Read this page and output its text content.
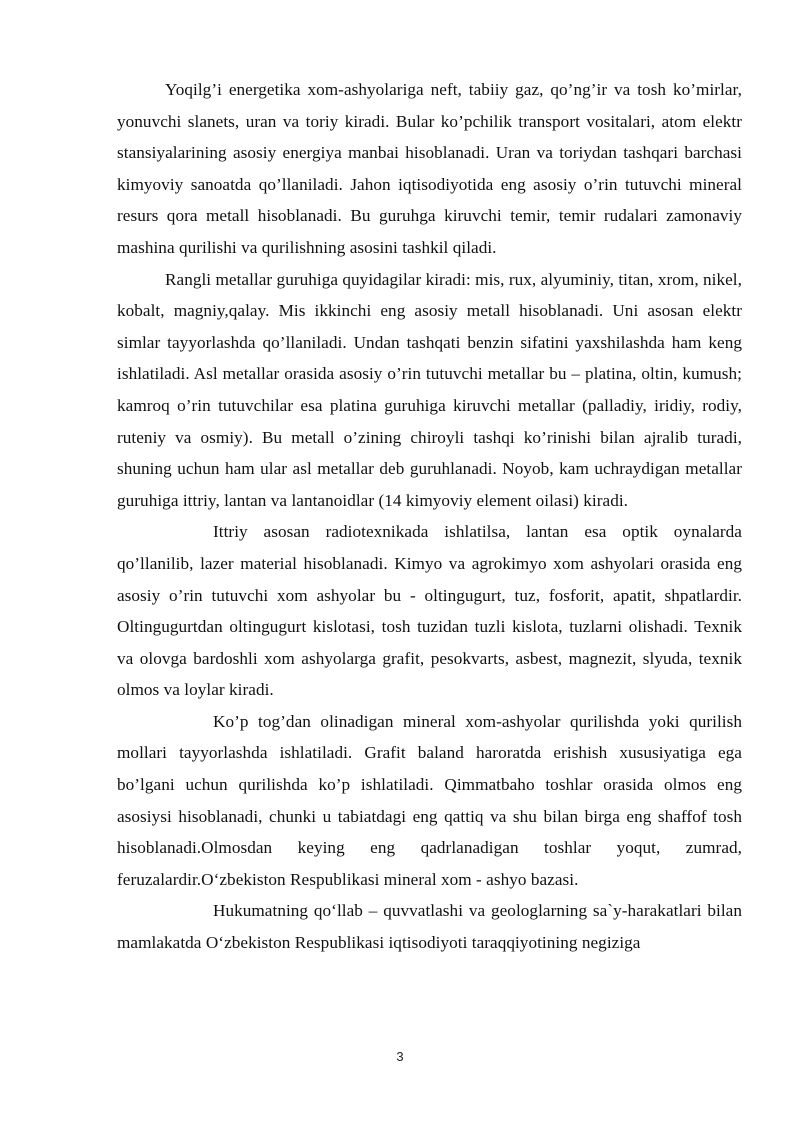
Yoqilg’i energetika xom-ashyolariga neft, tabiiy gaz, qo’ng’ir va tosh ko’mirlar, yonuvchi slanets, uran va toriy kiradi. Bular ko’pchilik transport vositalari, atom elektr stansiyalarining asosiy energiya manbai hisoblanadi. Uran va toriydan tashqari barchasi kimyoviy sanoatda qo’llaniladi. Jahon iqtisodiyotida eng asosiy o’rin tutuvchi mineral resurs qora metall hisoblanadi. Bu guruhga kiruvchi temir, temir rudalari zamonaviy mashina qurilishi va qurilishning asosini tashkil qiladi.

Rangli metallar guruhiga quyidagilar kiradi: mis, rux, alyuminiy, titan, xrom, nikel, kobalt, magniy,qalay. Mis ikkinchi eng asosiy metall hisoblanadi. Uni asosan elektr simlar tayyorlashda qo’llaniladi. Undan tashqati benzin sifatini yaxshilashda ham keng ishlatiladi. Asl metallar orasida asosiy o’rin tutuvchi metallar bu – platina, oltin, kumush; kamroq o’rin tutuvchilar esa platina guruhiga kiruvchi metallar (palladiy, iridiy, rodiy, ruteniy va osmiy). Bu metall o’zining chiroyli tashqi ko’rinishi bilan ajralib turadi, shuning uchun ham ular asl metallar deb guruhlanadi. Noyob, kam uchraydigan metallar guruhiga ittriy, lantan va lantanoidlar (14 kimyoviy element oilasi) kiradi.

Ittriy asosan radiotexnikada ishlatilsa, lantan esa optik oynalarda qo’llanilib, lazer material hisoblanadi. Kimyo va agrokimyo xom ashyolari orasida eng asosiy o’rin tutuvchi xom ashyolar bu - oltingugurt, tuz, fosforit, apatit, shpatlardir. Oltingugurtdan oltingugurt kislotasi, tosh tuzidan tuzli kislota, tuzlarni olishadi. Texnik va olovga bardoshli xom ashyolarga grafit, pesokvarts, asbest, magnezit, slyuda, texnik olmos va loylar kiradi.

Ko’p tog’dan olinadigan mineral xom-ashyolar qurilishda yoki qurilish mollari tayyorlashda ishlatiladi. Grafit baland haroratda erishish xususiyatiga ega bo’lgani uchun qurilishda ko’p ishlatiladi. Qimmatbaho toshlar orasida olmos eng asosiysi hisoblanadi, chunki u tabiatdagi eng qattiq va shu bilan birga eng shaffof tosh hisoblanadi.Olmosdan keying eng qadrlanadigan toshlar yoqut, zumrad, feruzalardir.O‘zbekiston Respublikasi mineral xom - ashyo bazasi.

Hukumatning qo‘llab – quvvatlashi va geologlarning sa`y-harakatlari bilan mamlakatda O‘zbekiston Respublikasi iqtisodiyoti taraqqiyotining negiziga

3
